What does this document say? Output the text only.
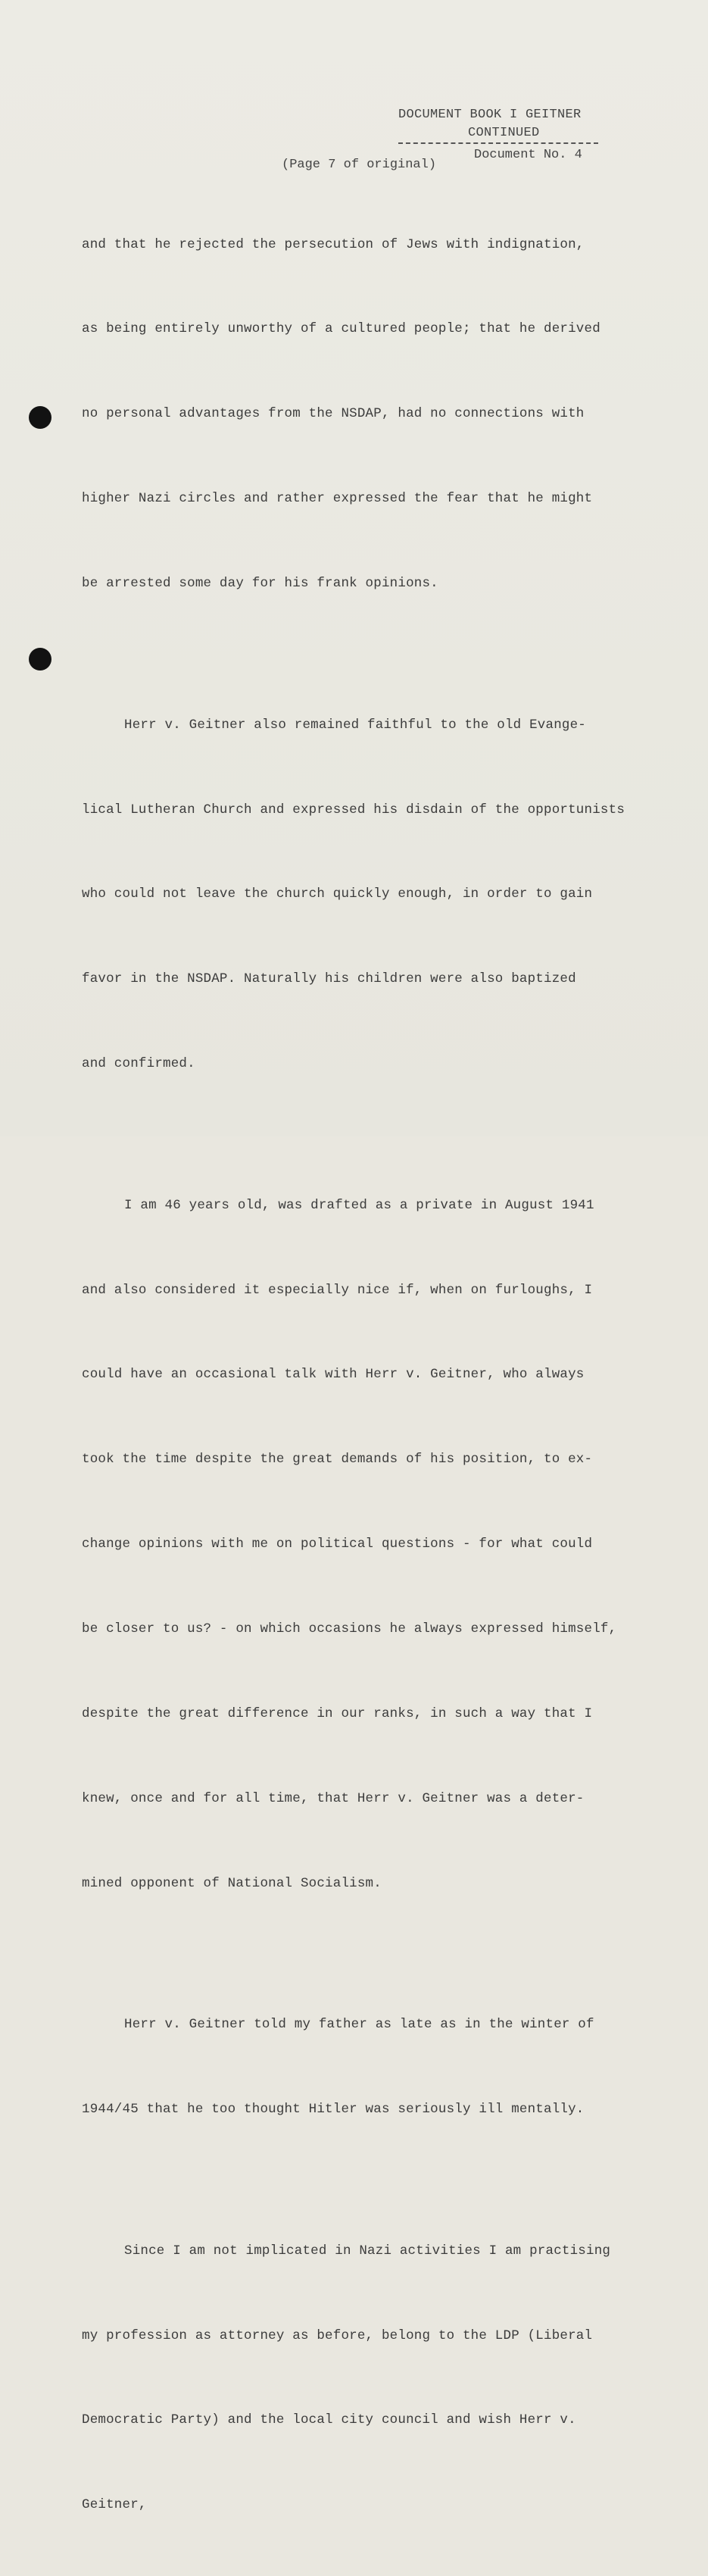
DOCUMENT BOOK I GEITNER
CONTINUED
Document No. 4
(Page 7 of original)

and that he rejected the persecution of Jews with indignation,

as being entirely unworthy of a cultured people; that he derived

no personal advantages from the NSDAP, had no connections with

higher Nazi circles and rather expressed the fear that he might

be arrested some day for his frank opinions.

Herr v. Geitner also remained faithful to the old Evange-

lical Lutheran Church and expressed his disdain of the opportunists

who could not leave the church quickly enough, in order to gain

favor in the NSDAP. Naturally his children were also baptized

and confirmed.

I am 46 years old, was drafted as a private in August 1941

and also considered it especially nice if, when on furloughs, I

could have an occasional talk with Herr v. Geitner, who always

took the time despite the great demands of his position, to ex-

change opinions with me on political questions - for what could

be closer to us? - on which occasions he always expressed himself,

despite the great difference in our ranks, in such a way that I

knew, once and for all time, that Herr v. Geitner was a deter-

mined opponent of National Socialism.

Herr v. Geitner told my father as late as in the winter of

1944/45 that he too thought Hitler was seriously ill mentally.

Since I am not implicated in Nazi activities I am practising

my profession as attorney as before, belong to the LDP (Liberal

Democratic Party) and the local city council and wish Herr v.

Geitner,
